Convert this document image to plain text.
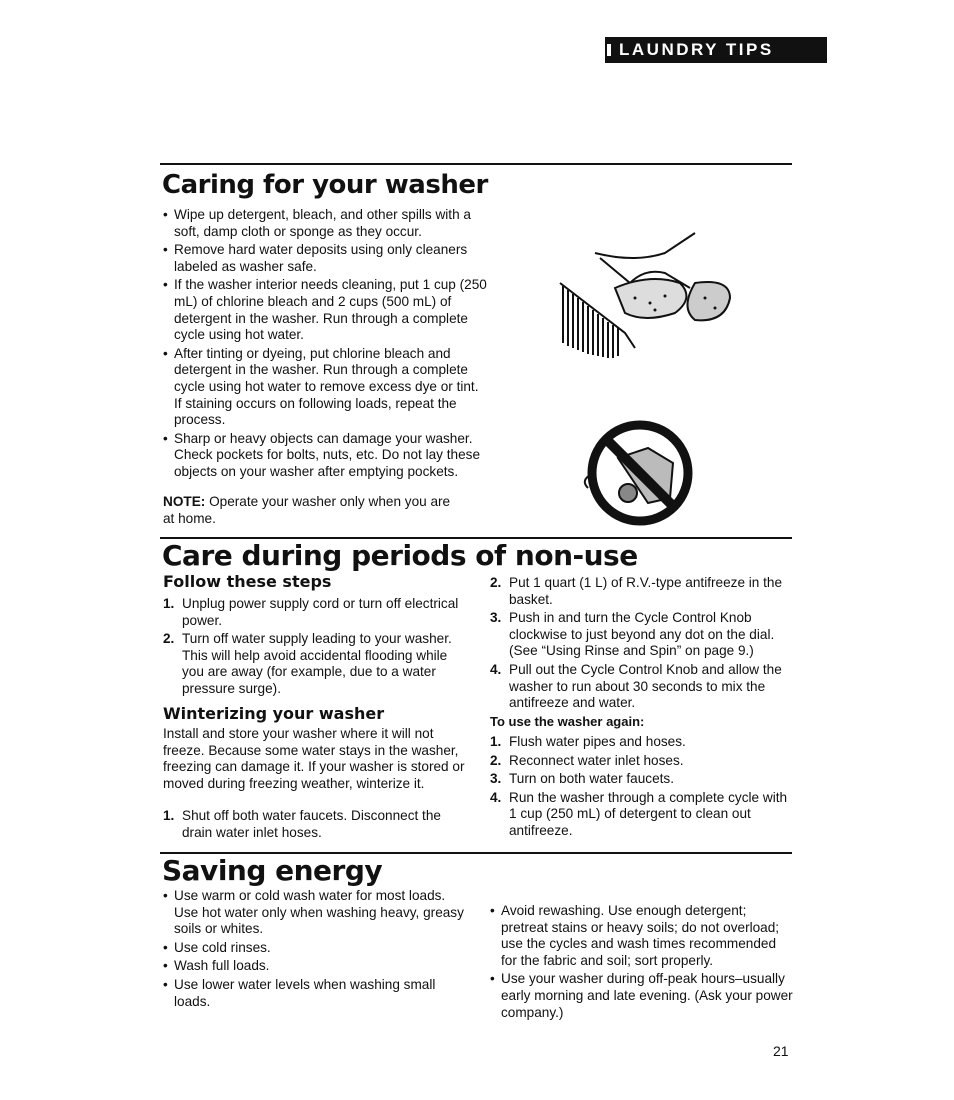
LAUNDRY TIPS
Caring for your washer
• Wipe up detergent, bleach, and other spills with a soft, damp cloth or sponge as they occur.
• Remove hard water deposits using only cleaners labeled as washer safe.
• If the washer interior needs cleaning, put 1 cup (250 mL) of chlorine bleach and 2 cups (500 mL) of detergent in the washer. Run through a complete cycle using hot water.
• After tinting or dyeing, put chlorine bleach and detergent in the washer. Run through a complete cycle using hot water to remove excess dye or tint. If staining occurs on following loads, repeat the process.
• Sharp or heavy objects can damage your washer. Check pockets for bolts, nuts, etc. Do not lay these objects on your washer after emptying pockets.
NOTE: Operate your washer only when you are at home.
Care during periods of non-use
Follow these steps
1. Unplug power supply cord or turn off electrical power.
2. Turn off water supply leading to your washer. This will help avoid accidental flooding while you are away (for example, due to a water pressure surge).
Winterizing your washer
Install and store your washer where it will not freeze. Because some water stays in the washer, freezing can damage it. If your washer is stored or moved during freezing weather, winterize it.
1. Shut off both water faucets. Disconnect the drain water inlet hoses.
2. Put 1 quart (1 L) of R.V.-type antifreeze in the basket.
3. Push in and turn the Cycle Control Knob clockwise to just beyond any dot on the dial. (See “Using Rinse and Spin” on page 9.)
4. Pull out the Cycle Control Knob and allow the washer to run about 30 seconds to mix the antifreeze and water.
To use the washer again:
1. Flush water pipes and hoses.
2. Reconnect water inlet hoses.
3. Turn on both water faucets.
4. Run the washer through a complete cycle with 1 cup (250 mL) of detergent to clean out antifreeze.
Saving energy
• Use warm or cold wash water for most loads. Use hot water only when washing heavy, greasy soils or whites.
• Use cold rinses.
• Wash full loads.
• Use lower water levels when washing small loads.
• Avoid rewashing. Use enough detergent; pretreat stains or heavy soils; do not overload; use the cycles and wash times recommended for the fabric and soil; sort properly.
• Use your washer during off-peak hours–usually early morning and late evening. (Ask your power company.)
21
